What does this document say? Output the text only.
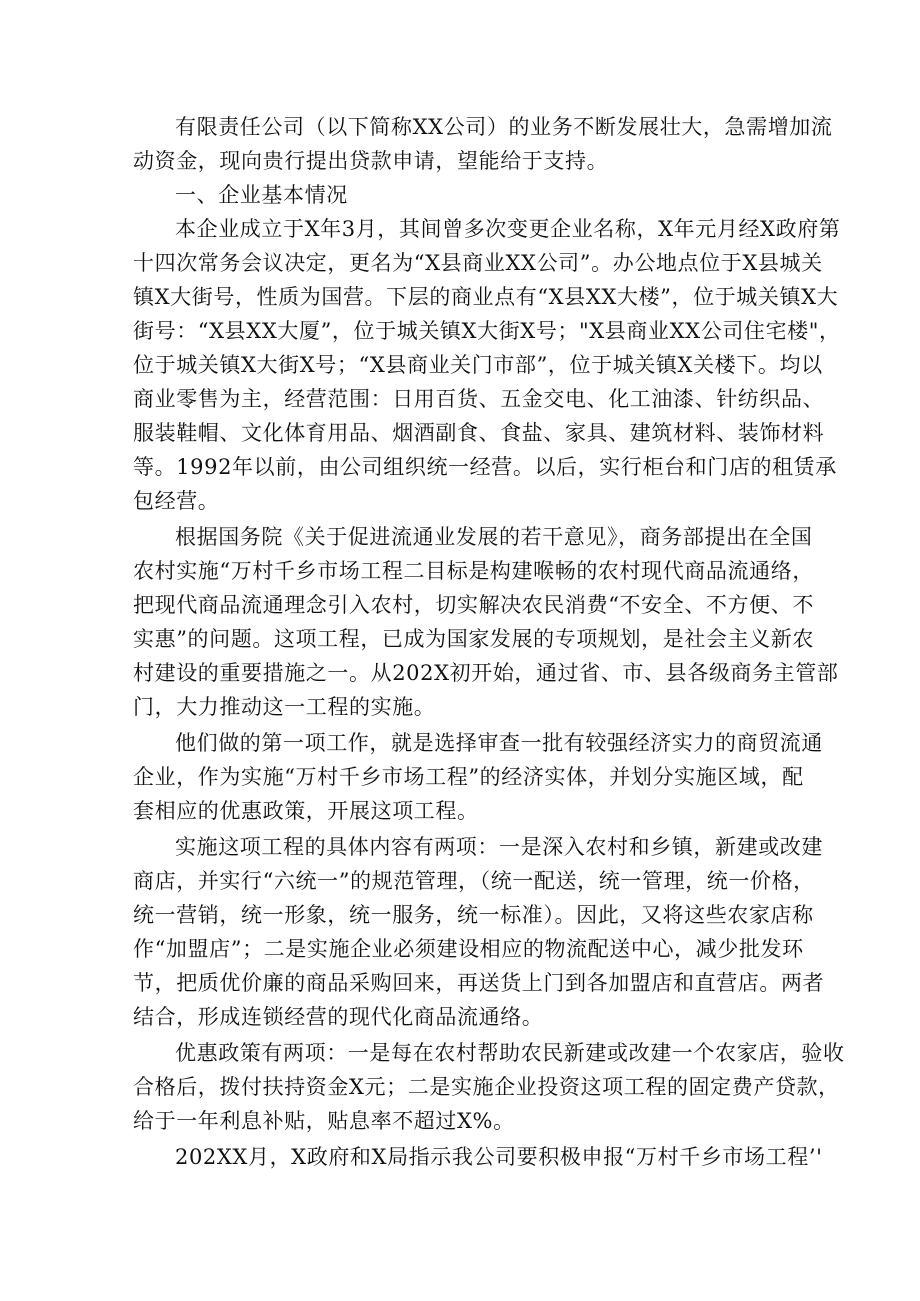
有限责任公司（以下简称XX公司）的业务不断发展壮大，急需增加流

动资金，现向贵行提出贷款申请，望能给于支持。

一、企业基本情况

本企业成立于X年3月，其间曾多次变更企业名称，X年元月经X政府第

十四次常务会议决定，更名为“X县商业XX公司”。办公地点位于X县城关

镇X大街号，性质为国营。下层的商业点有“X县XX大楼”，位于城关镇X大

街号：“X县XX大厦”，位于城关镇X大街X号；"X县商业XX公司住宅楼"，

位于城关镇X大街X号；“X县商业关门市部”，位于城关镇X关楼下。均以

商业零售为主，经营范围：日用百货、五金交电、化工油漆、针纺织品、

服装鞋帽、文化体育用品、烟酒副食、食盐、家具、建筑材料、装饰材料

等。1992年以前，由公司组织统一经营。以后，实行柜台和门店的租赁承

包经营。

根据国务院《关于促进流通业发展的若干意见》，商务部提出在全国

农村实施“万村千乡市场工程二目标是构建喉畅的农村现代商品流通络，

把现代商品流通理念引入农村，切实解决农民消费“不安全、不方便、不

实惠”的问题。这项工程，已成为国家发展的专项规划，是社会主义新农

村建设的重要措施之一。从202X初开始，通过省、市、县各级商务主管部

门，大力推动这一工程的实施。

他们做的第一项工作，就是选择审查一批有较强经济实力的商贸流通

企业，作为实施“万村千乡市场工程”的经济实体，并划分实施区域，配

套相应的优惠政策，开展这项工程。

实施这项工程的具体内容有两项：一是深入农村和乡镇，新建或改建

商店，并实行“六统一”的规范管理，（统一配送，统一管理，统一价格，

统一营销，统一形象，统一服务，统一标准）。因此，又将这些农家店称

作“加盟店”；二是实施企业必须建设相应的物流配送中心，减少批发环

节，把质优价廉的商品采购回来，再送货上门到各加盟店和直营店。两者

结合，形成连锁经营的现代化商品流通络。

优惠政策有两项：一是每在农村帮助农民新建或改建一个农家店，验收

合格后，拨付扶持资金X元；二是实施企业投资这项工程的固定费产贷款，

给于一年利息补贴，贴息率不超过X%。

202XX月，X政府和X局指示我公司要积极申报“万村千乡市场工程’'
